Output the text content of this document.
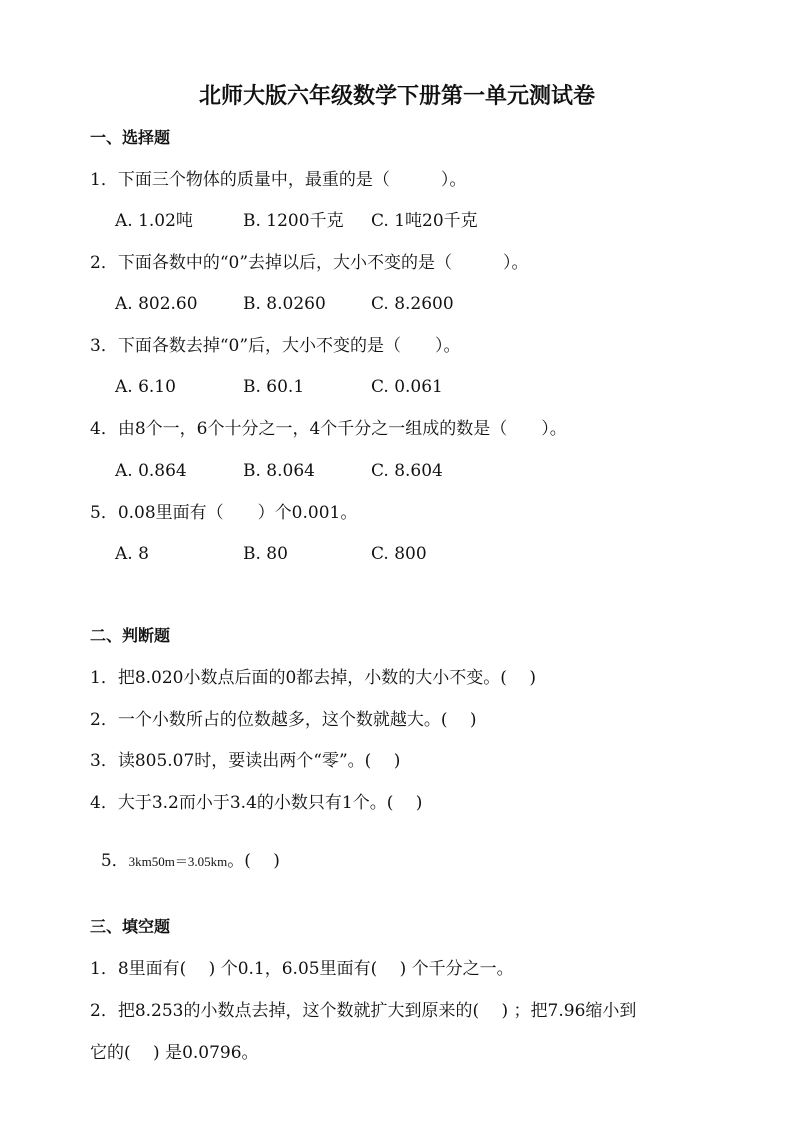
北师大版六年级数学下册第一单元测试卷
一、选择题
1．下面三个物体的质量中，最重的是（　　　）。
A. 1.02吨	B. 1200千克 C. 1吨20千克
2．下面各数中的“0”去掉以后，大小不变的是（　　　）。
A. 802.60	B. 8.0260	C. 8.2600
3．下面各数去掉“0”后，大小不变的是（　　）。
A. 6.10	B. 60.1	C. 0.061
4．由8个一，6个十分之一，4个千分之一组成的数是（　　）。
A. 0.864	B. 8.064	C. 8.604
5．0.08里面有（　　）个0.001。
A. 8	B. 80	C. 800
二、判断题
1．把8.020小数点后面的0都去掉，小数的大小不变。(　 )
2．一个小数所占的位数越多，这个数就越大。(　 )
3．读805.07时，要读出两个“零”。(　 )
4．大于3.2而小于3.4的小数只有1个。(　 )

5．3km50m＝3.05km。(　 )

三、填空题
1．8里面有(　 ) 个0.1，6.05里面有(　 ) 个千分之一。
2．把8.253的小数点去掉，这个数就扩大到原来的(　 ) ；把7.96缩小到
它的(　 ) 是0.0796。
